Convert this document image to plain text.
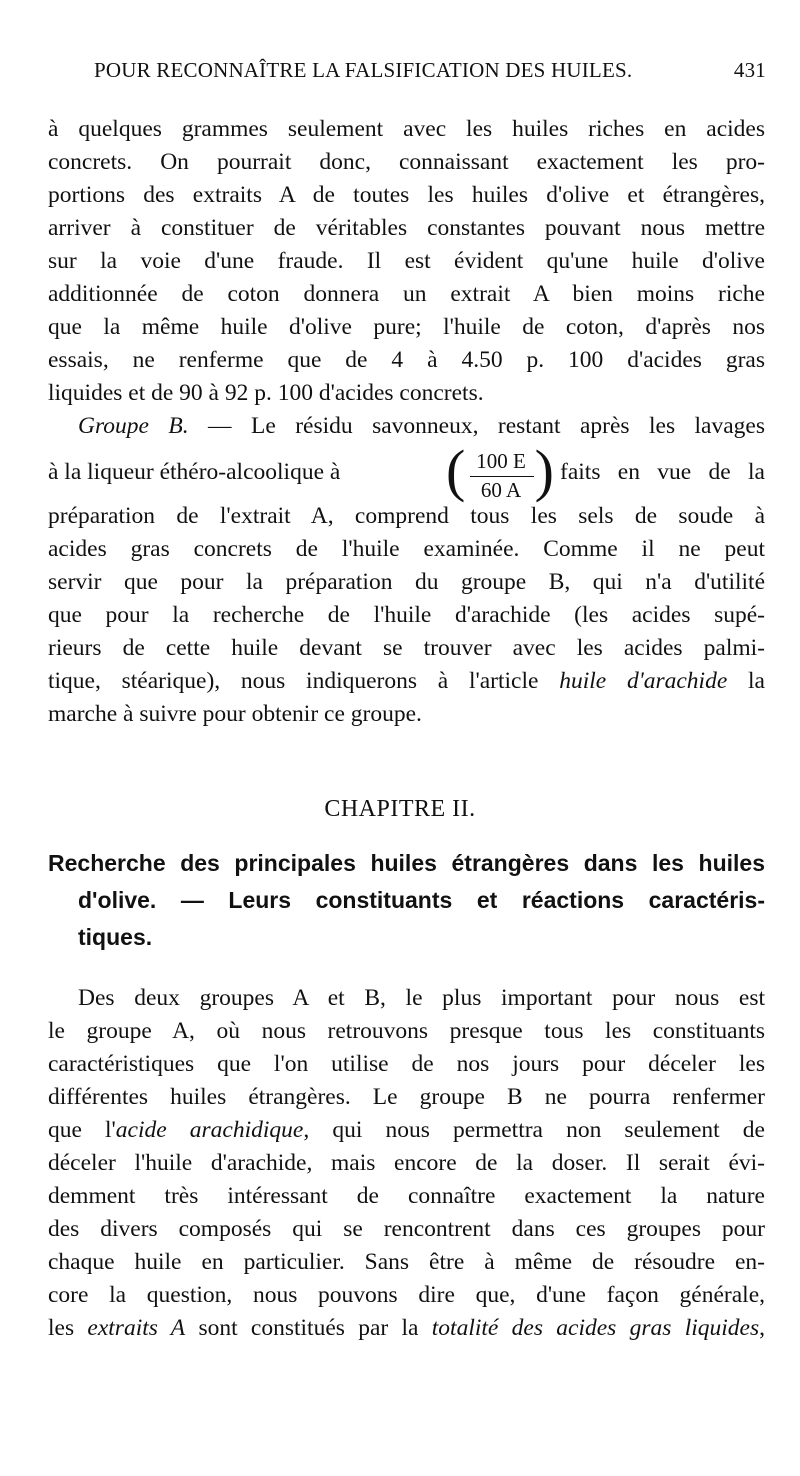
POUR RECONNAÎTRE LA FALSIFICATION DES HUILES.	431
à quelques grammes seulement avec les huiles riches en acides
concrets. On pourrait donc, connaissant exactement les pro-
portions des extraits A de toutes les huiles d'olive et étrangères,
arriver à constituer de véritables constantes pouvant nous mettre
sur la voie d'une fraude. Il est évident qu'une huile d'olive
additionnée de coton donnera un extrait A bien moins riche
que la même huile d'olive pure; l'huile de coton, d'après nos
essais, ne renferme que de 4 à 4.50 p. 100 d'acides gras
liquides et de 90 à 92 p. 100 d'acides concrets.
Groupe B. — Le résidu savonneux, restant après les lavages
à la liqueur éthéro-alcoolique à ( 100 E
60 A ) faits en vue de la
préparation de l'extrait A, comprend tous les sels de soude à
acides gras concrets de l'huile examinée. Comme il ne peut
servir que pour la préparation du groupe B, qui n'a d'utilité
que pour la recherche de l'huile d'arachide (les acides supé-
rieurs de cette huile devant se trouver avec les acides palmi-
tique, stéarique), nous indiquerons à l'article huile d'arachide la
marche à suivre pour obtenir ce groupe.
CHAPITRE II.
Recherche des principales huiles étrangères dans les huiles
d'olive. — Leurs constituants et réactions caractéris-
tiques.
Des deux groupes A et B, le plus important pour nous est
le groupe A, où nous retrouvons presque tous les constituants
caractéristiques que l'on utilise de nos jours pour déceler les
différentes huiles étrangères. Le groupe B ne pourra renfermer
que l'acide arachidique, qui nous permettra non seulement de
déceler l'huile d'arachide, mais encore de la doser. Il serait évi-
demment très intéressant de connaître exactement la nature
des divers composés qui se rencontrent dans ces groupes pour
chaque huile en particulier. Sans être à même de résoudre en-
core la question, nous pouvons dire que, d'une façon générale,
les extraits A sont constitués par la totalité des acides gras liquides,
